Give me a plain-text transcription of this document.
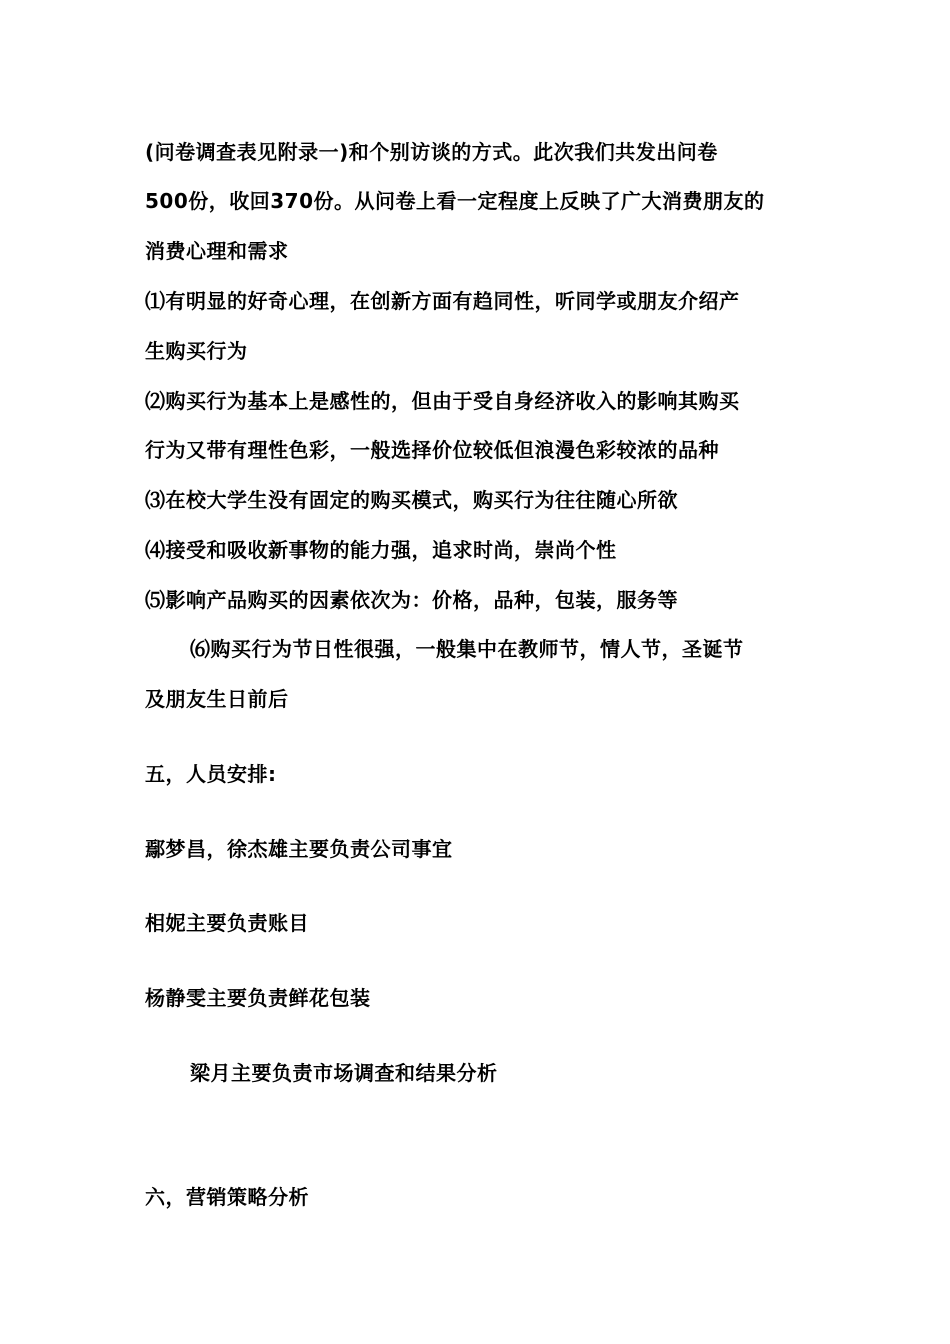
(问卷调查表见附录一)和个别访谈的方式。此次我们共发出问卷
500份，收回370份。从问卷上看一定程度上反映了广大消费朋友的
消费心理和需求
⑴有明显的好奇心理，在创新方面有趋同性，听同学或朋友介绍产
生购买行为
⑵购买行为基本上是感性的，但由于受自身经济收入的影响其购买
行为又带有理性色彩，一般选择价位较低但浪漫色彩较浓的品种
⑶在校大学生没有固定的购买模式，购买行为往往随心所欲
⑷接受和吸收新事物的能力强，追求时尚，崇尚个性
⑸影响产品购买的因素依次为：价格，品种，包装，服务等
⑹购买行为节日性很强，一般集中在教师节，情人节，圣诞节
及朋友生日前后
五，人员安排:
鄢梦昌，徐杰雄主要负责公司事宜
相妮主要负责账目
杨静雯主要负责鲜花包装
梁月主要负责市场调查和结果分析
六，营销策略分析
